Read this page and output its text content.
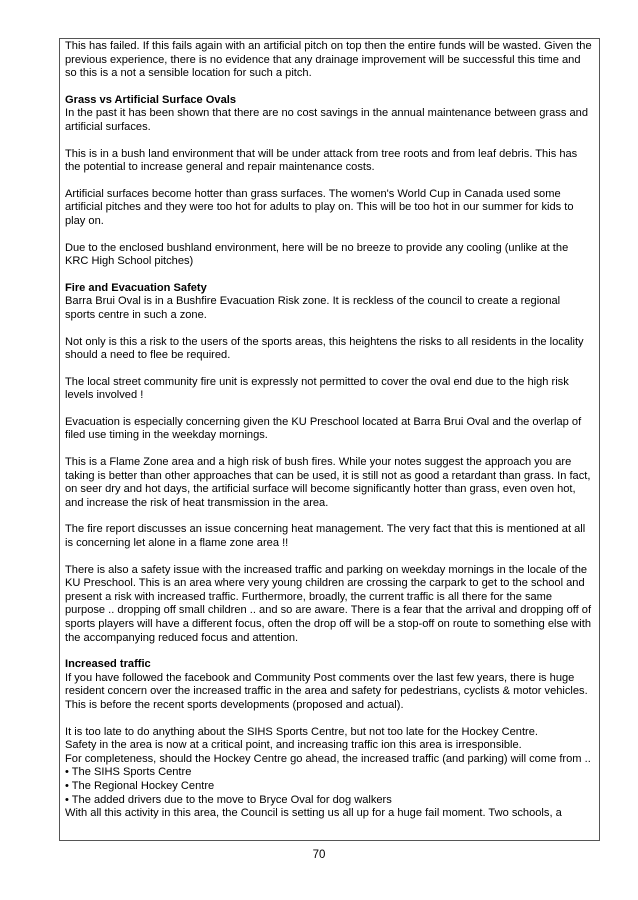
This has failed. If this fails again with an artificial pitch on top then the entire funds will be wasted. Given the previous experience, there is no evidence that any drainage improvement will be successful this time and so this is a not a sensible location for such a pitch.

Grass vs Artificial Surface Ovals

In the past it has been shown that there are no cost savings in the annual maintenance between grass and artificial surfaces.

This is in a bush land environment that will be under attack from tree roots and from leaf debris. This has the potential to increase general and repair maintenance costs.

Artificial surfaces become hotter than grass surfaces. The women's World Cup in Canada used some artificial pitches and they were too hot for adults to play on. This will be too hot in our summer for kids to play on.

Due to the enclosed bushland environment, here will be no breeze to provide any cooling (unlike at the KRC High School pitches)

Fire and Evacuation Safety

Barra Brui Oval is in a Bushfire Evacuation Risk zone. It is reckless of the council to create a regional sports centre in such a zone.

Not only is this a risk to the users of the sports areas, this heightens the risks to all residents in the locality should a need to flee be required.

The local street community fire unit is expressly not permitted to cover the oval end due to the high risk levels involved !

Evacuation is especially concerning given the KU Preschool located at Barra Brui Oval and the overlap of filed use timing in the weekday mornings.

This is a Flame Zone area and a high risk of bush fires. While your notes suggest the approach you are taking is better than other approaches that can be used, it is still not as good a retardant than grass. In fact, on seer dry and hot days, the artificial surface will become significantly hotter than grass, even oven hot, and increase the risk of heat transmission in the area.

The fire report discusses an issue concerning heat management. The very fact that this is mentioned at all is concerning let alone in a flame zone area !!

There is also a safety issue with the increased traffic and parking on weekday mornings in the locale of the KU Preschool. This is an area where very young children are crossing the carpark to get to the school and present a risk with increased traffic. Furthermore, broadly, the current traffic is all there for the same purpose .. dropping off small children .. and so are aware. There is a fear that the arrival and dropping off of sports players will have a different focus, often the drop off will be a stop-off on route to something else with the accompanying reduced focus and attention.

Increased traffic

If you have followed the facebook and Community Post comments over the last few years, there is huge resident concern over the increased traffic in the area and safety for pedestrians, cyclists & motor vehicles. This is before the recent sports developments (proposed and actual).

It is too late to do anything about the SIHS Sports Centre, but not too late for the Hockey Centre.

Safety in the area is now at a critical point, and increasing traffic ion this area is irresponsible.

For completeness, should the Hockey Centre go ahead, the increased traffic (and parking) will come from ..

• The SIHS Sports Centre
• The Regional Hockey Centre
• The added drivers due to the move to Bryce Oval for dog walkers

With all this activity in this area, the Council is setting us all up for a huge fail moment. Two schools, a

70
